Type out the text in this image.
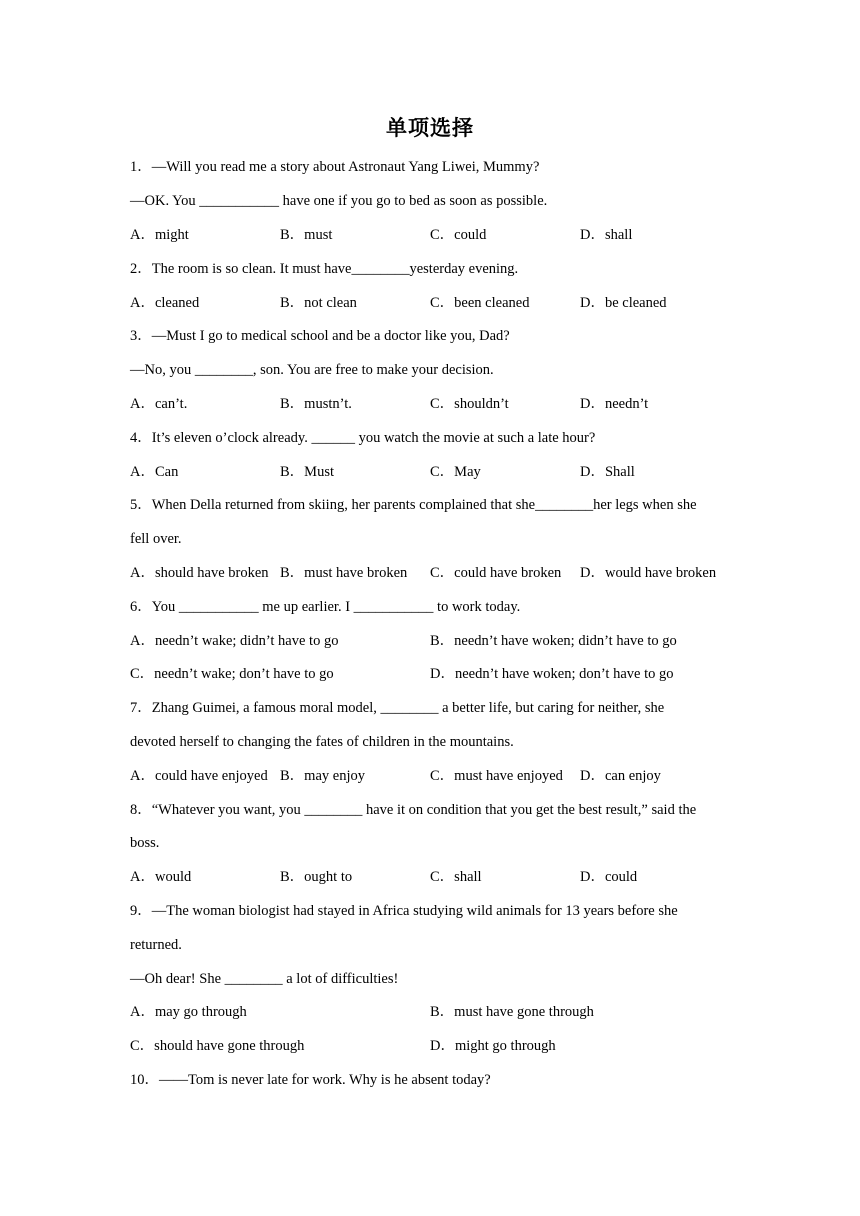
单项选择
1．—Will you read me a story about Astronaut Yang Liwei, Mummy?
—OK. You ___________ have one if you go to bed as soon as possible.
A．might	B．must	C．could	D．shall
2．The room is so clean. It must have________yesterday evening.
A．cleaned	B．not clean	C．been cleaned	D．be cleaned
3．—Must I go to medical school and be a doctor like you, Dad?
—No, you ________, son. You are free to make your decision.
A．can’t.	B．mustn’t.	C．shouldn’t	D．needn’t
4．It’s eleven o’clock already. ______ you watch the movie at such a late hour?
A．Can	B．Must	C．May	D．Shall
5．When Della returned from skiing, her parents complained that she________her legs when she
fell over.
A．should have broken B．must have broken C．could have broken D．would have broken
6．You ___________ me up earlier. I ___________ to work today.
A．needn’t wake; didn’t have to go	B．needn’t have woken; didn’t have to go
C．needn’t wake; don’t have to go	D．needn’t have woken; don’t have to go
7．Zhang Guimei, a famous moral model, ________ a better life, but caring for neither, she
devoted herself to changing the fates of children in the mountains.
A．could have enjoyed B．may enjoy	C．must have enjoyed D．can enjoy
8．“Whatever you want, you ________ have it on condition that you get the best result,” said the
boss.
A．would	B．ought to	C．shall	D．could
9．—The woman biologist had stayed in Africa studying wild animals for 13 years before she
returned.
—Oh dear! She ________ a lot of difficulties!
A．may go through	B．must have gone through
C．should have gone through	D．might go through
10．——Tom is never late for work. Why is he absent today?
